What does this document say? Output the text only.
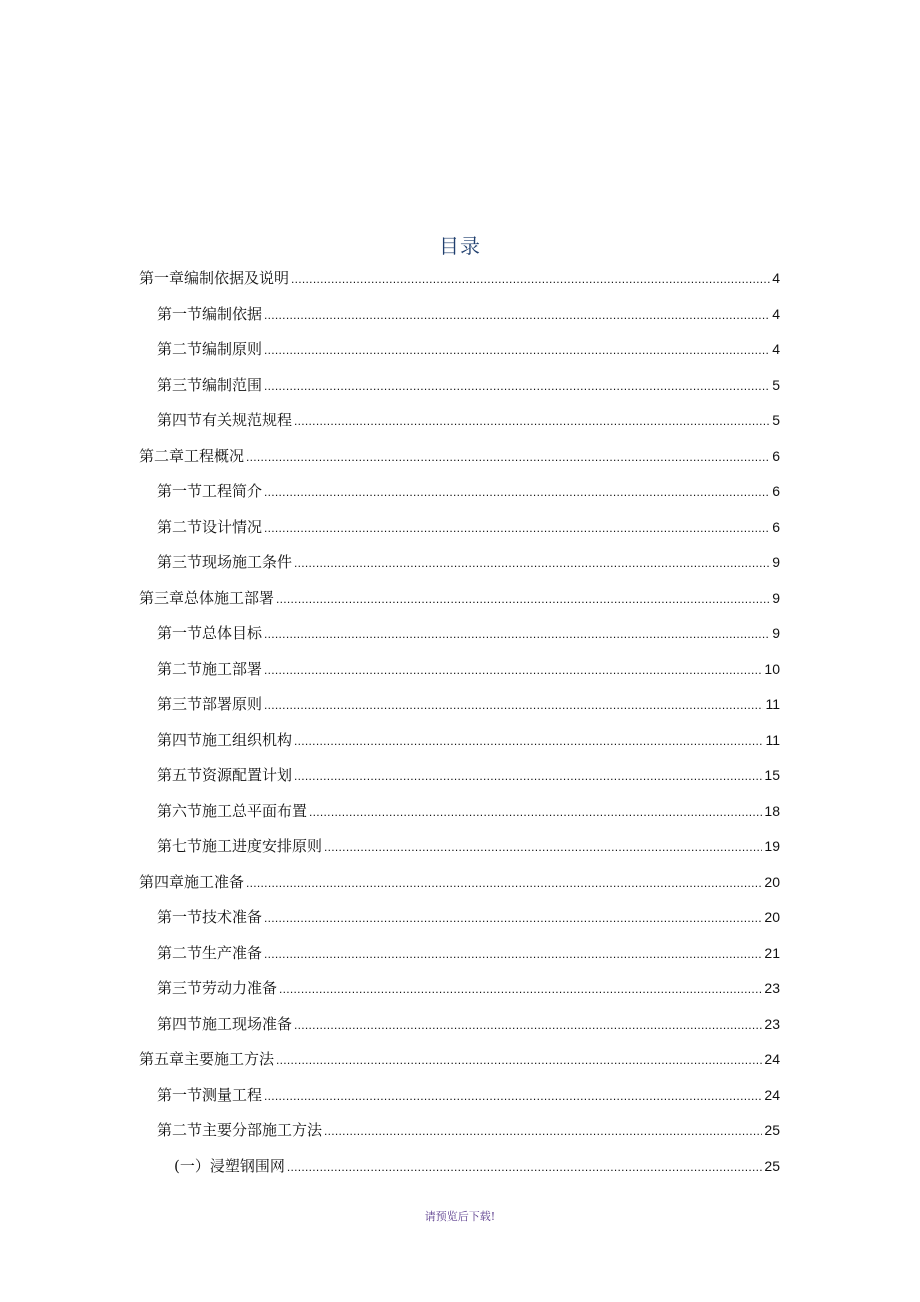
目录
第一章编制依据及说明 .....	4
第一节编制依据 .....	4
第二节编制原则 .....	4
第三节编制范围 .....	5
第四节有关规范规程 .....	5
第二章工程概况 .....	6
第一节工程简介 .....	6
第二节设计情况 .....	6
第三节现场施工条件 .....	9
第三章总体施工部署 .....	9
第一节总体目标 .....	9
第二节施工部署 .....	10
第三节部署原则 .....	11
第四节施工组织机构 .....	11
第五节资源配置计划 .....	15
第六节施工总平面布置 .....	18
第七节施工进度安排原则 .....	19
第四章施工准备 .....	20
第一节技术准备 .....	20
第二节生产准备 .....	21
第三节劳动力准备 .....	23
第四节施工现场准备 .....	23
第五章主要施工方法 .....	24
第一节测量工程 .....	24
第二节主要分部施工方法 .....	25
(一）浸塑钢围网 .....	25
请预览后下载!
